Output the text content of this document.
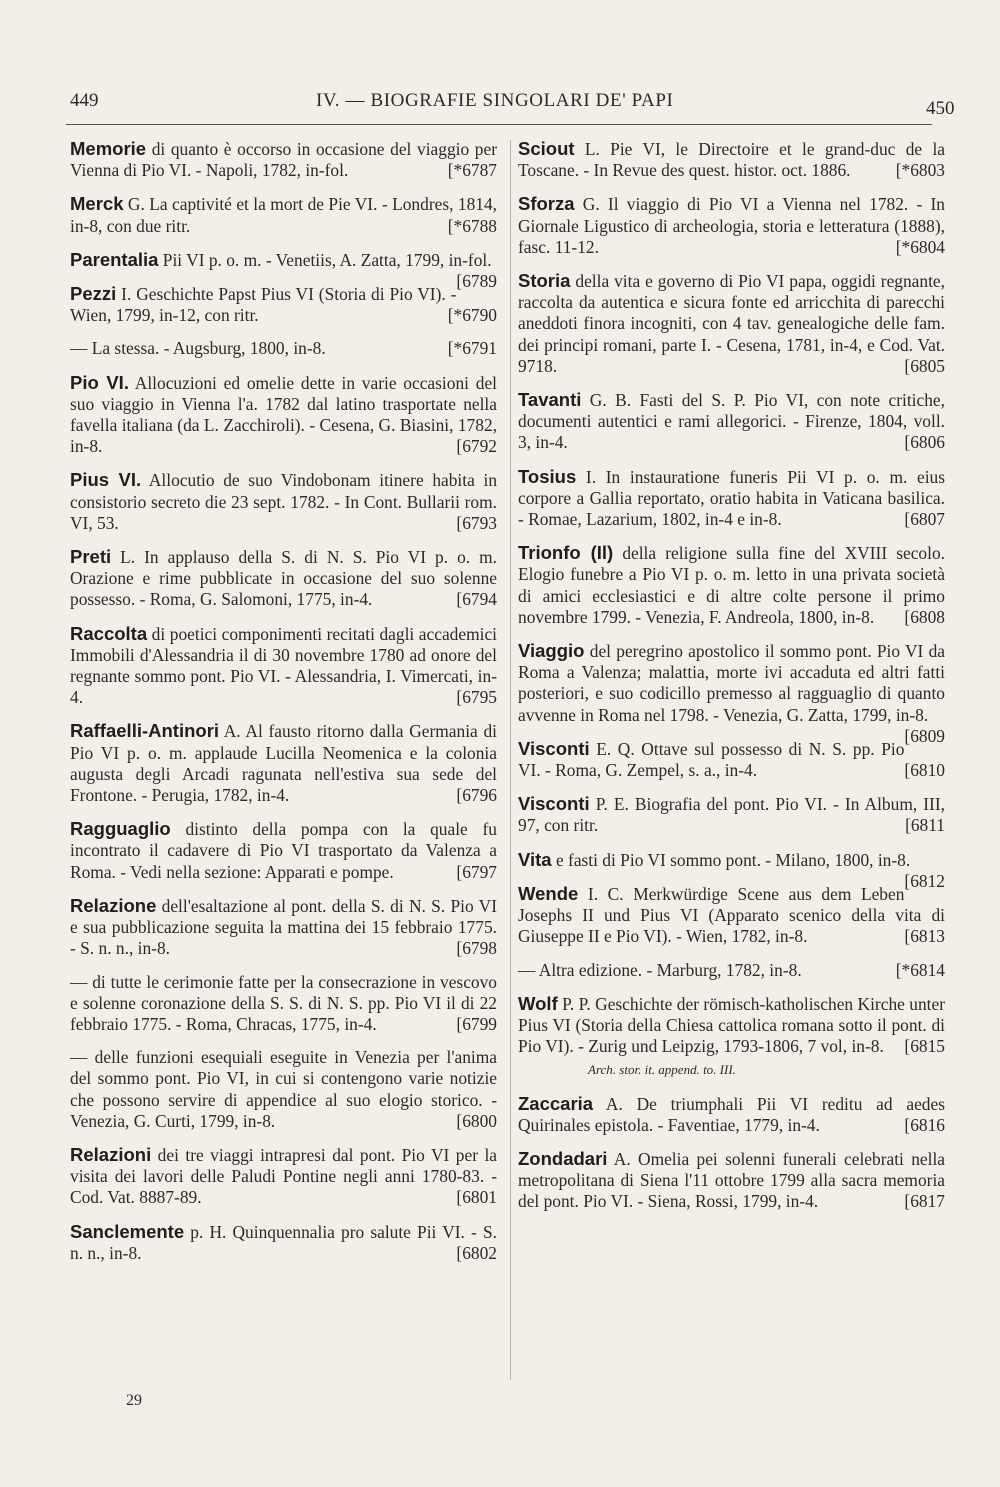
449	IV. — BIOGRAFIE SINGOLARI DE' PAPI	450

Memorie di quanto è occorso in occasione del viaggio per Vienna di Pio VI. - Napoli, 1782, in-fol.	[*6787

Merck G. La captivité et la mort de Pie VI. - Londres, 1814, in-8, con due ritr.	[*6788

Parentalia Pii VI p. o. m. - Venetiis, A. Zatta, 1799, in-fol.
[6789

Pezzi I. Geschichte Papst Pius VI (Storia di Pio VI). - Wien, 1799, in-12, con ritr.	[*6790

— La stessa. - Augsburg, 1800, in-8.	[*6791

Pio VI. Allocuzioni ed omelie dette in varie occasioni del suo viaggio in Vienna l'a. 1782 dal latino trasportate nella favella italiana (da L. Zacchiroli). - Cesena, G. Biasini, 1782, in-8.	[6792

Pius VI. Allocutio de suo Vindobonam itinere habita in consistorio secreto die 23 sept. 1782. - In Cont. Bullarii rom. VI, 53.	[6793

Preti L. In applauso della S. di N. S. Pio VI p. o. m. Orazione e rime pubblicate in occasione del suo solenne possesso. - Roma, G. Salomoni, 1775, in-4.	[6794

Raccolta di poetici componimenti recitati dagli accademici Immobili d'Alessandria il di 30 novembre 1780 ad onore del regnante sommo pont. Pio VI. - Alessandria, I. Vimercati, in-4.	[6795

Raffaelli-Antinori A. Al fausto ritorno dalla Germania di Pio VI p. o. m. applaude Lucilla Neomenica e la colonia augusta degli Arcadi ragunata nell'estiva sua sede del Frontone. - Perugia, 1782, in-4.	[6796

Ragguaglio distinto della pompa con la quale fu incontrato il cadavere di Pio VI trasportato da Valenza a Roma. - Vedi nella sezione: Apparati e pompe.	[6797

Relazione dell'esaltazione al pont. della S. di N. S. Pio VI e sua pubblicazione seguita la mattina dei 15 febbraio 1775. - S. n. n., in-8.	[6798

— di tutte le cerimonie fatte per la consecrazione in vescovo e solenne coronazione della S. S. di N. S. pp. Pio VI il di 22 febbraio 1775. - Roma, Chracas, 1775, in-4.	[6799

— delle funzioni esequiali eseguite in Venezia per l'anima del sommo pont. Pio VI, in cui si contengono varie notizie che possono servire di appendice al suo elogio storico. - Venezia, G. Curti, 1799, in-8.	[6800

Relazioni dei tre viaggi intrapresi dal pont. Pio VI per la visita dei lavori delle Paludi Pontine negli anni 1780-83. - Cod. Vat. 8887-89.	[6801

Sanclemente p. H. Quinquennalia pro salute Pii VI. - S. n. n., in-8.	[6802

Sciout L. Pie VI, le Directoire et le grand-duc de la Toscane. - In Revue des quest. histor. oct. 1886.	[*6803

Sforza G. Il viaggio di Pio VI a Vienna nel 1782. - In Giornale Ligustico di archeologia, storia e letteratura (1888), fasc. 11-12.	[*6804

Storia della vita e governo di Pio VI papa, oggidi regnante, raccolta da autentica e sicura fonte ed arricchita di parecchi aneddoti finora incogniti, con 4 tav. genealogiche delle fam. dei principi romani, parte I. - Cesena, 1781, in-4, e Cod. Vat. 9718.	[6805

Tavanti G. B. Fasti del S. P. Pio VI, con note critiche, documenti autentici e rami allegorici. - Firenze, 1804, voll. 3, in-4.	[6806

Tosius I. In instauratione funeris Pii VI p. o. m. eius corpore a Gallia reportato, oratio habita in Vaticana basilica. - Romae, Lazarium, 1802, in-4 e in-8.	[6807

Trionfo (Il) della religione sulla fine del XVIII secolo. Elogio funebre a Pio VI p. o. m. letto in una privata società di amici ecclesiastici e di altre colte persone il primo novembre 1799. - Venezia, F. Andreola, 1800, in-8. [6808

Viaggio del peregrino apostolico il sommo pont. Pio VI da Roma a Valenza; malattia, morte ivi accaduta ed altri fatti posteriori, e suo codicillo premesso al ragguaglio di quanto avvenne in Roma nel 1798. - Venezia, G. Zatta, 1799, in-8.
[6809

Visconti E. Q. Ottave sul possesso di N. S. pp. Pio VI. - Roma, G. Zempel, s. a., in-4.	[6810

Visconti P. E. Biografia del pont. Pio VI. - In Album, III, 97, con ritr.	[6811

Vita e fasti di Pio VI sommo pont. - Milano, 1800, in-8.
[6812

Wende I. C. Merkwürdige Scene aus dem Leben Josephs II und Pius VI (Apparato scenico della vita di Giuseppe II e Pio VI). - Wien, 1782, in-8.	[6813

— Altra edizione. - Marburg, 1782, in-8.	[*6814

Wolf P. P. Geschichte der römisch-katholischen Kirche unter Pius VI (Storia della Chiesa cattolica romana sotto il pont. di Pio VI). - Zurig und Leipzig, 1793-1806, 7 vol, in-8. [6815

Arch. stor. it. append. to. III.

Zaccaria A. De triumphali Pii VI reditu ad aedes Quirinales epistola. - Faventiae, 1779, in-4.	[6816

Zondadari A. Omelia pei solenni funerali celebrati nella metropolitana di Siena l'11 ottobre 1799 alla sacra memoria del pont. Pio VI. - Siena, Rossi, 1799, in-4.	[6817

29
